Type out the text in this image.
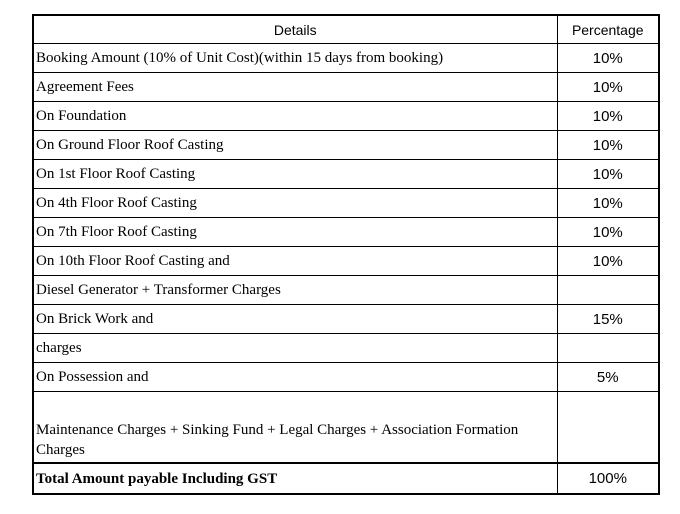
Details	Percentage
Booking Amount (10% of Unit Cost)(within 15 days from booking)	10%
Agreement Fees	10%
On Foundation	10%
On Ground Floor Roof Casting	10%
On 1st Floor Roof Casting	10%
On 4th Floor Roof Casting	10%
On 7th Floor Roof Casting	10%
On 10th Floor Roof Casting and	10%
Diesel Generator + Transformer Charges	
On Brick Work and	15%
charges	
On Possession and	5%
Maintenance Charges + Sinking Fund + Legal Charges + Association Formation Charges	
Total Amount payable Including GST	100%
